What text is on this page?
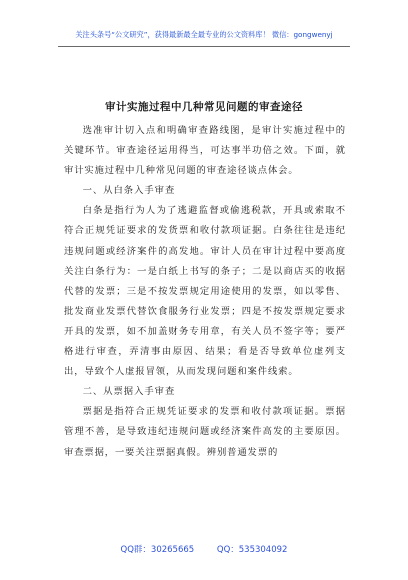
关注头条号“公文研究”，获得最新最全最专业的公文资料库！ 微信：gongwenyj
审计实施过程中几种常见问题的审查途径

选准审计切入点和明确审查路线图，是审计实施过程中的关键环节。审查途径运用得当，可达事半功倍之效。下面，就审计实施过程中几种常见问题的审查途径谈点体会。

一、从白条入手审查

白条是指行为人为了逃避监督或偷逃税款，开具或索取不符合正规凭证要求的发货票和收付款项证据。白条往往是违纪违规问题或经济案件的高发地。审计人员在审计过程中要高度关注白条行为：一是白纸上书写的条子；二是以商店买的收据代替的发票；三是不按发票规定用途使用的发票，如以零售、批发商业发票代替饮食服务行业发票；四是不按发票规定要求开具的发票，如不加盖财务专用章，有关人员不签字等；要严格进行审查，弄清事由原因、结果；看是否导致单位虚列支出，导致个人虚报冒领，从而发现问题和案件线索。

二、从票据入手审查

票据是指符合正规凭证要求的发票和收付款项证据。票据管理不善，是导致违纪违规问题或经济案件高发的主要原因。审查票据，一要关注票据真假。辨别普通发票的

QQ群：30265665	QQ：535304092
